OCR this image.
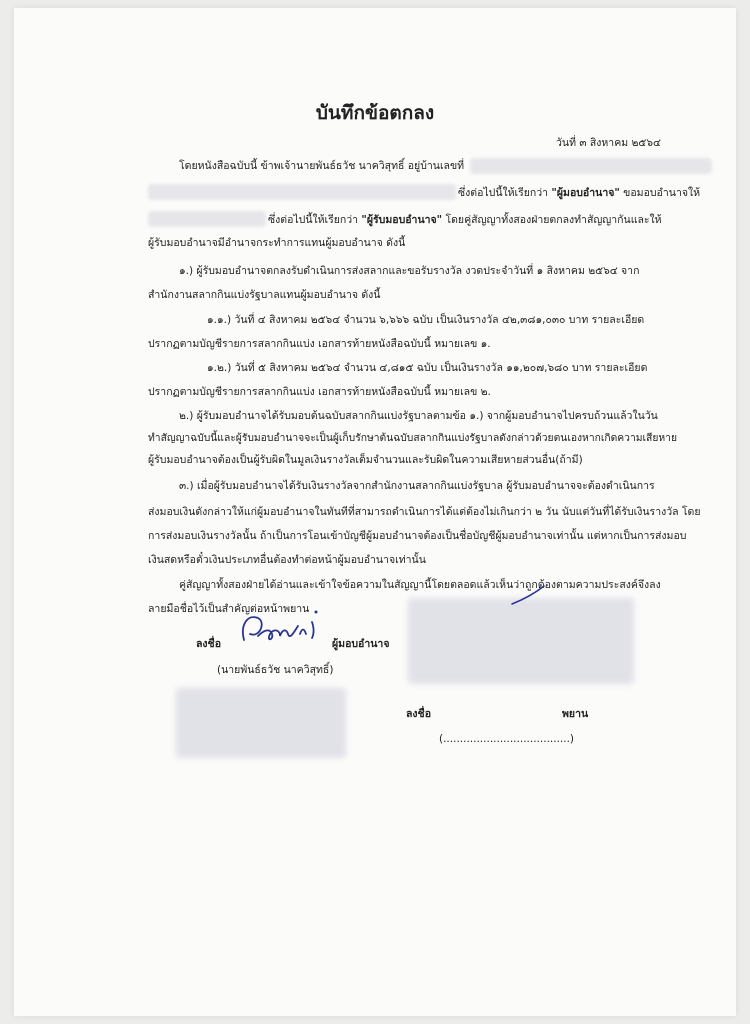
บันทึกข้อตกลง
วันที่ ๓ สิงหาคม ๒๕๖๔
โดยหนังสือฉบับนี้ ข้าพเจ้านายพันธ์ธวัช นาควิสุทธิ์ อยู่บ้านเลขที่
ซึ่งต่อไปนี้ให้เรียกว่า "ผู้มอบอำนาจ" ขอมอบอำนาจให้
ซึ่งต่อไปนี้ให้เรียกว่า "ผู้รับมอบอำนาจ" โดยคู่สัญญาทั้งสองฝ่ายตกลงทำสัญญากันและให้
ผู้รับมอบอำนาจมีอำนาจกระทำการแทนผู้มอบอำนาจ ดังนี้
๑.) ผู้รับมอบอำนาจตกลงรับดำเนินการส่งสลากและขอรับรางวัล งวดประจำวันที่ ๑ สิงหาคม ๒๕๖๔ จาก
สำนักงานสลากกินแบ่งรัฐบาลแทนผู้มอบอำนาจ ดังนี้
๑.๑.) วันที่ ๔ สิงหาคม ๒๕๖๔ จำนวน ๖,๖๖๖ ฉบับ เป็นเงินรางวัล ๔๒,๓๘๑,๐๓๐ บาท รายละเอียด
ปรากฏตามบัญชีรายการสลากกินแบ่ง เอกสารท้ายหนังสือฉบับนี้ หมายเลข ๑.
๑.๒.) วันที่ ๕ สิงหาคม ๒๕๖๔ จำนวน ๔,๘๑๕ ฉบับ เป็นเงินรางวัล ๑๑,๒๐๗,๖๘๐ บาท รายละเอียด
ปรากฏตามบัญชีรายการสลากกินแบ่ง เอกสารท้ายหนังสือฉบับนี้ หมายเลข ๒.
๒.) ผู้รับมอบอำนาจได้รับมอบต้นฉบับสลากกินแบ่งรัฐบาลตามข้อ ๑.) จากผู้มอบอำนาจไปครบถ้วนแล้วในวัน
ทำสัญญาฉบับนี้และผู้รับมอบอำนาจจะเป็นผู้เก็บรักษาต้นฉบับสลากกินแบ่งรัฐบาลดังกล่าวด้วยตนเองหากเกิดความเสียหาย
ผู้รับมอบอำนาจต้องเป็นผู้รับผิดในมูลเงินรางวัลเต็มจำนวนและรับผิดในความเสียหายส่วนอื่น(ถ้ามี)
๓.) เมื่อผู้รับมอบอำนาจได้รับเงินรางวัลจากสำนักงานสลากกินแบ่งรัฐบาล ผู้รับมอบอำนาจจะต้องดำเนินการ
ส่งมอบเงินดังกล่าวให้แก่ผู้มอบอำนาจในทันทีที่สามารถดำเนินการได้แต่ต้องไม่เกินกว่า ๒ วัน นับแต่วันที่ได้รับเงินรางวัล โดย
การส่งมอบเงินรางวัลนั้น ถ้าเป็นการโอนเข้าบัญชีผู้มอบอำนาจต้องเป็นชื่อบัญชีผู้มอบอำนาจเท่านั้น แต่หากเป็นการส่งมอบ
เงินสดหรือตั๋วเงินประเภทอื่นต้องทำต่อหน้าผู้มอบอำนาจเท่านั้น
คู่สัญญาทั้งสองฝ่ายได้อ่านและเข้าใจข้อความในสัญญานี้โดยตลอดแล้วเห็นว่าถูกต้องตามความประสงค์จึงลง
ลายมือชื่อไว้เป็นสำคัญต่อหน้าพยาน
ลงชื่อ	ผู้มอบอำนาจ
(นายพันธ์ธวัช นาควิสุทธิ์)
ลงชื่อ	พยาน
(......................................)
